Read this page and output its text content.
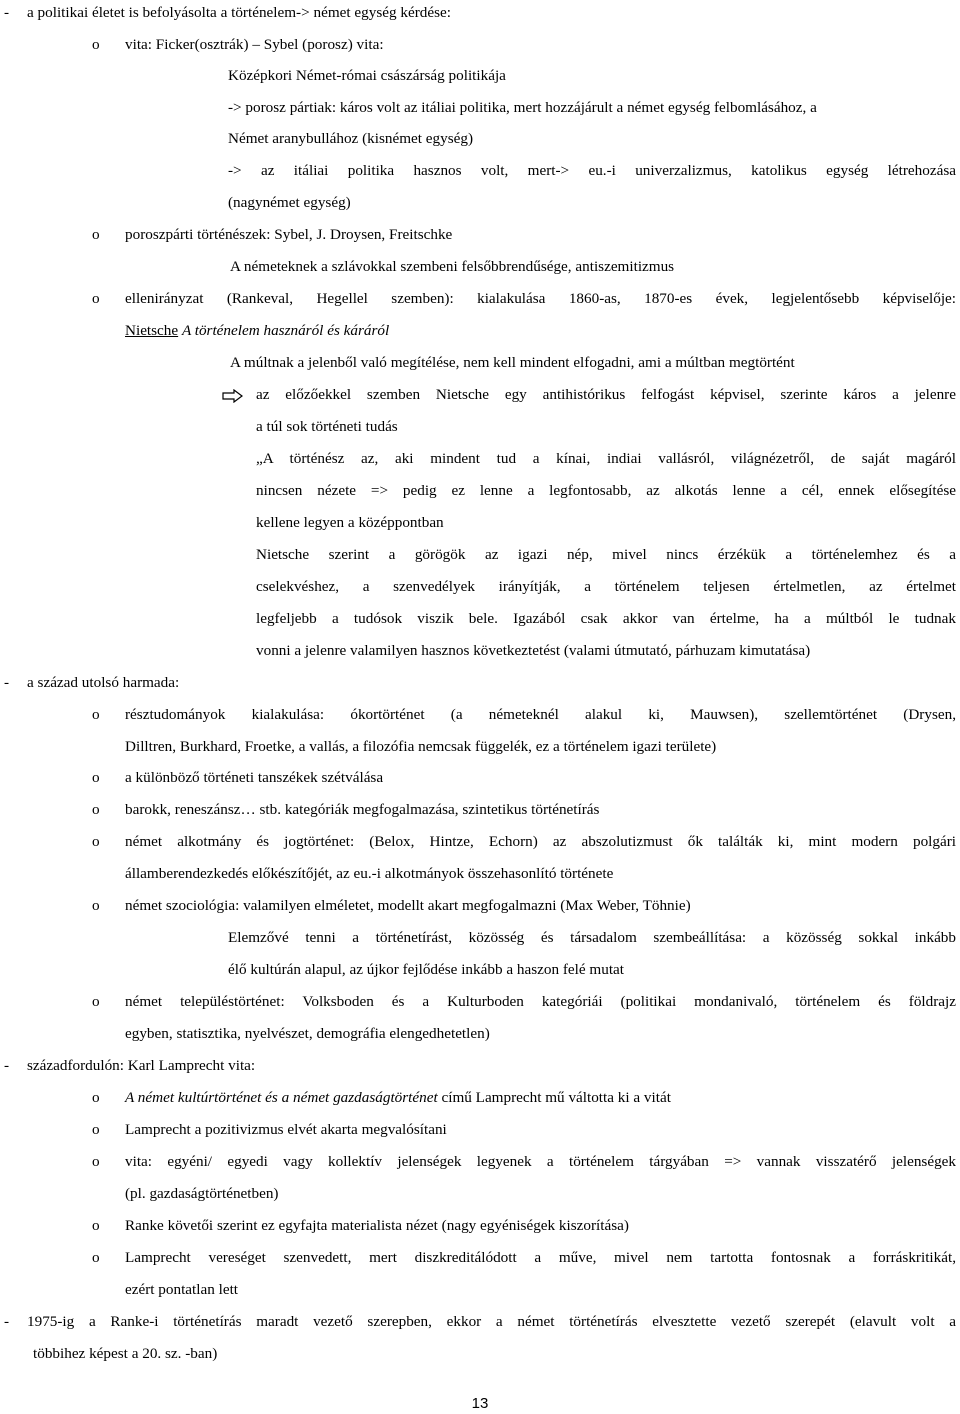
- a politikai életet is befolyásolta a történelem-> német egység kérdése:

o vita: Ficker(osztrák) – Sybel (porosz) vita:

Középkori Német-római császárság politikája

-> porosz pártiak: káros volt az itáliai politika, mert hozzájárult a német egység felbomlásához, a

Német aranybullához (kisnémet egység)

-> az itáliai politika hasznos volt, mert-> eu.-i univerzalizmus, katolikus egység létrehozása

(nagynémet egység)

o poroszpárti történészek: Sybel, J. Droysen, Freitschke

A németeknek a szlávokkal szembeni felsőbbrendűsége, antiszemitizmus

o ellenirányzat (Rankeval, Hegellel szemben): kialakulása 1860-as, 1870-es évek, legjelentősebb képviselője:

Nietsche A történelem hasznáról és káráról

A múltnak a jelenből való megítélése, nem kell mindent elfogadni, ami a múltban megtörtént

az előzőekkel szemben Nietsche egy antihistórikus felfogást képvisel, szerinte káros a jelenre

a túl sok történeti tudás

„A történész az, aki mindent tud a kínai, indiai vallásról, világnézetről, de saját magáról

nincsen nézete => pedig ez lenne a legfontosabb, az alkotás lenne a cél, ennek elősegítése

kellene legyen a középpontban

Nietsche szerint a görögök az igazi nép, mivel nincs érzékük a történelemhez és a

cselekvéshez, a szenvedélyek irányítják, a történelem teljesen értelmetlen, az értelmet

legfeljebb a tudósok viszik bele. Igazából csak akkor van értelme, ha a múltból le tudnak

vonni a jelenre valamilyen hasznos következtetést (valami útmutató, párhuzam kimutatása)

- a század utolsó harmada:

o résztudományok kialakulása: ókortörténet (a németeknél alakul ki, Mauwsen), szellemtörténet (Drysen,

Dilltren, Burkhard, Froetke, a vallás, a filozófia nemcsak függelék, ez a történelem igazi területe)

o a különböző történeti tanszékek szétválása

o barokk, reneszánsz… stb. kategóriák megfogalmazása, szintetikus történetírás

o német alkotmány és jogtörténet: (Belox, Hintze, Echorn) az abszolutizmust ők találták ki, mint modern polgári

államberendezkedés előkészítőjét, az eu.-i alkotmányok összehasonlító története

o német szociológia: valamilyen elméletet, modellt akart megfogalmazni (Max Weber, Töhnie)

Elemzővé tenni a történetírást, közösség és társadalom szembeállítása: a közösség sokkal inkább

élő kultúrán alapul, az újkor fejlődése inkább a haszon felé mutat

o német településtörténet: Volksboden és a Kulturboden kategóriái (politikai mondanivaló, történelem és földrajz

egyben, statisztika, nyelvészet, demográfia elengedhetetlen)

- századfordulón: Karl Lamprecht vita:

o A német kultúrtörténet és a német gazdaságtörténet című Lamprecht mű váltotta ki a vitát

o Lamprecht a pozitivizmus elvét akarta megvalósítani

o vita: egyéni/ egyedi vagy kollektív jelenségek legyenek a történelem tárgyában => vannak visszatérő jelenségek

(pl. gazdaságtörténetben)

o Ranke követői szerint ez egyfajta materialista nézet (nagy egyéniségek kiszorítása)

o Lamprecht vereséget szenvedett, mert diszkreditálódott a műve, mivel nem tartotta fontosnak a forráskritikát,

ezért pontatlan lett

- 1975-ig a Ranke-i történetírás maradt vezető szerepben, ekkor a német történetírás elvesztette vezető szerepét (elavult volt a

többihez képest a 20. sz. -ban)

13
